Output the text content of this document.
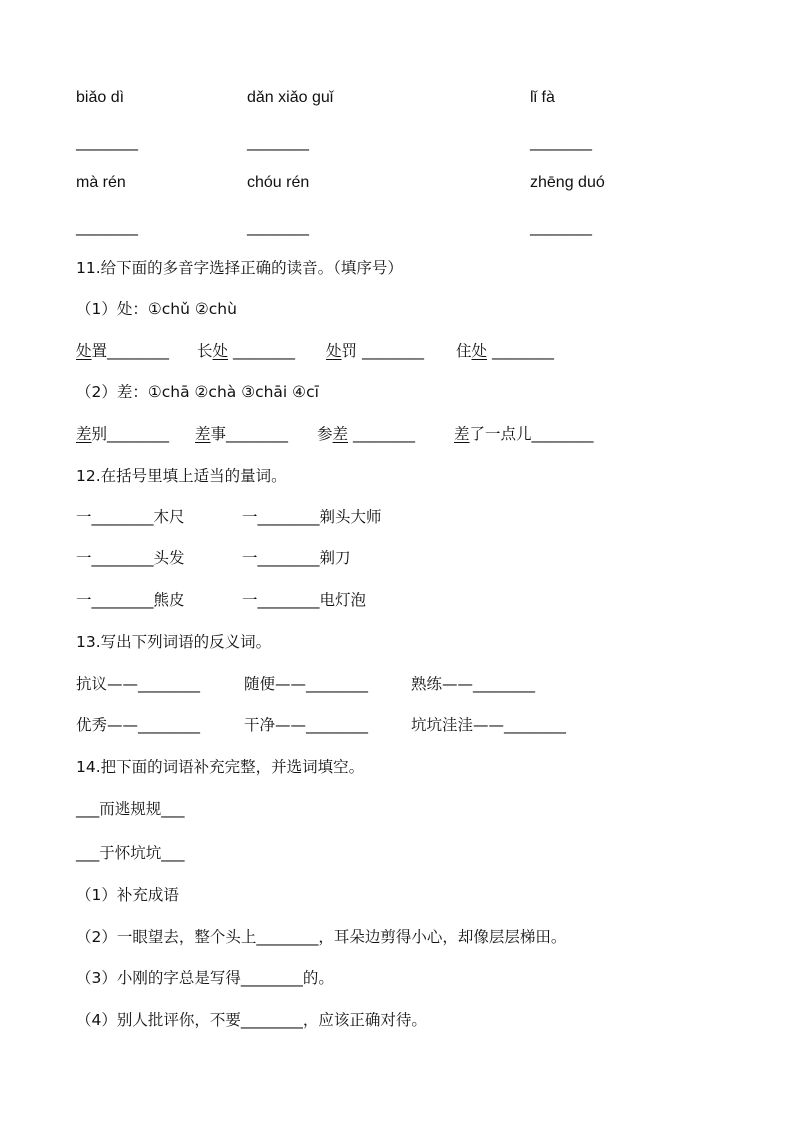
biǎo dì	dǎn xiǎo guǐ	lǐ fà
________	________	________
mà rén	chóu rén	zhēng duó
________	________	________
11.给下面的多音字选择正确的读音。（填序号）
（1）处：①chǔ ②chù
处置________ 长处 ________ 处罚 ________ 住处 ________
（2）差：①chā ②chà ③chāi ④cī
差别________ 差事________ 参差 ________	差了一点儿________
12.在括号里填上适当的量词。
一________木尺	一________剃头大师
一________头发	一________剃刀
一________熊皮	一________电灯泡
13.写出下列词语的反义词。
抗议——________	随便——________	熟练——________
优秀——________	干净——________	坑坑洼洼——________
14.把下面的词语补充完整，并选词填空。
___而逃规规___
___于怀坑坑___
（1）补充成语
（2）一眼望去，整个头上________，耳朵边剪得小心，却像层层梯田。
（3）小刚的字总是写得________的。
（4）别人批评你，不要________，应该正确对待。
